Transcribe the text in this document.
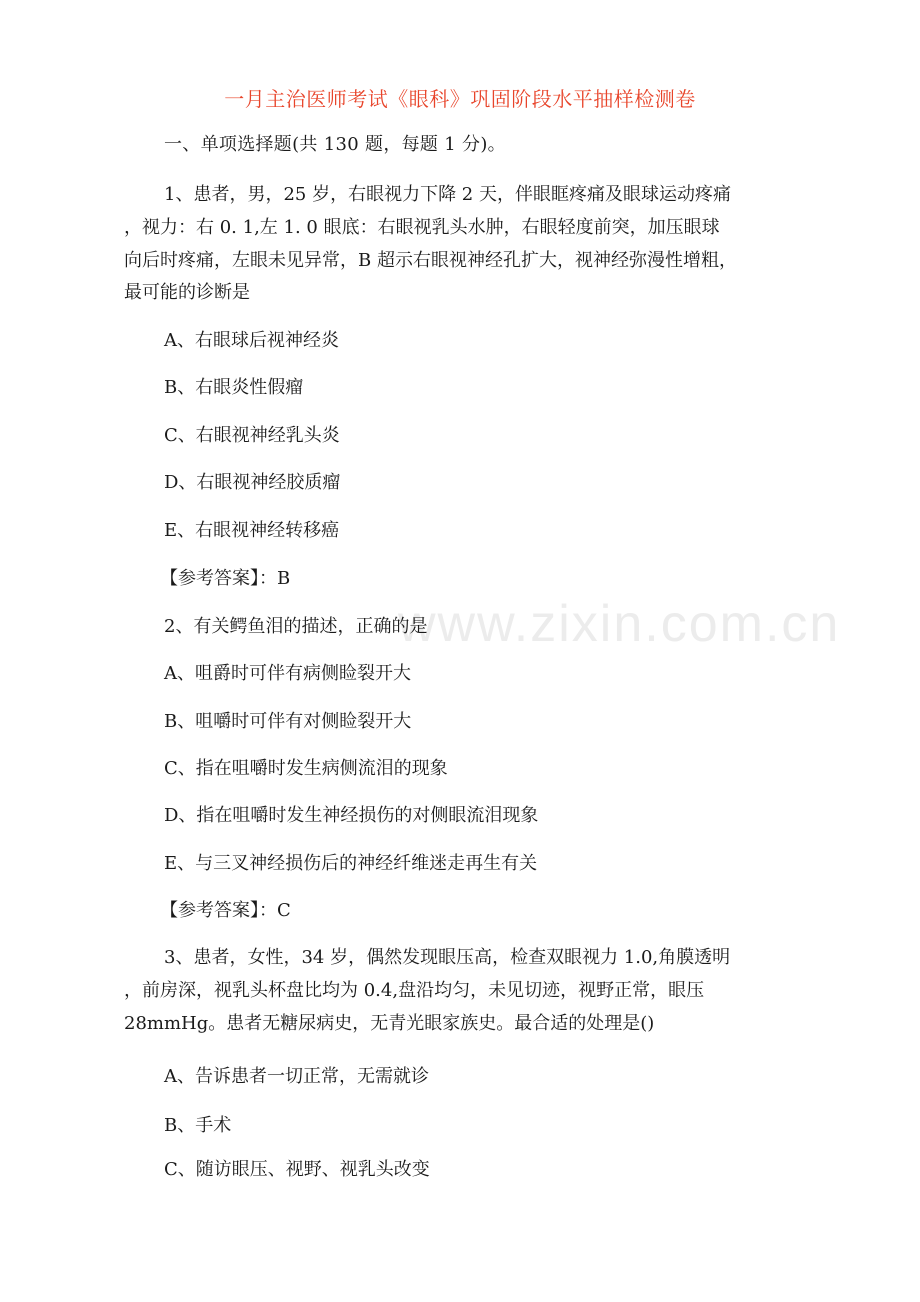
www.zixin.com.cn
一月主治医师考试《眼科》巩固阶段水平抽样检测卷
一、单项选择题(共 130 题，每题 1 分)。
1、患者，男，25 岁，右眼视力下降 2 天，伴眼眶疼痛及眼球运动疼痛
，视力：右 0. 1,左 1. 0 眼底：右眼视乳头水肿，右眼轻度前突，加压眼球
向后时疼痛，左眼未见异常，B 超示右眼视神经孔扩大，视神经弥漫性增粗，
最可能的诊断是
A、右眼球后视神经炎
B、右眼炎性假瘤
C、右眼视神经乳头炎
D、右眼视神经胶质瘤
E、右眼视神经转移癌
【参考答案】：B
2、有关鳄鱼泪的描述，正确的是
A、咀爵时可伴有病侧睑裂开大
B、咀嚼时可伴有对侧睑裂开大
C、指在咀嚼时发生病侧流泪的现象
D、指在咀嚼时发生神经损伤的对侧眼流泪现象
E、与三叉神经损伤后的神经纤维迷走再生有关
【参考答案】：C
3、患者，女性，34 岁，偶然发现眼压高，检查双眼视力 1.0,角膜透明
，前房深，视乳头杯盘比均为 0.4,盘沿均匀，未见切迹，视野正常，眼压
28mmHg。患者无糖尿病史，无青光眼家族史。最合适的处理是()
A、告诉患者一切正常，无需就诊
B、手术
C、随访眼压、视野、视乳头改变
